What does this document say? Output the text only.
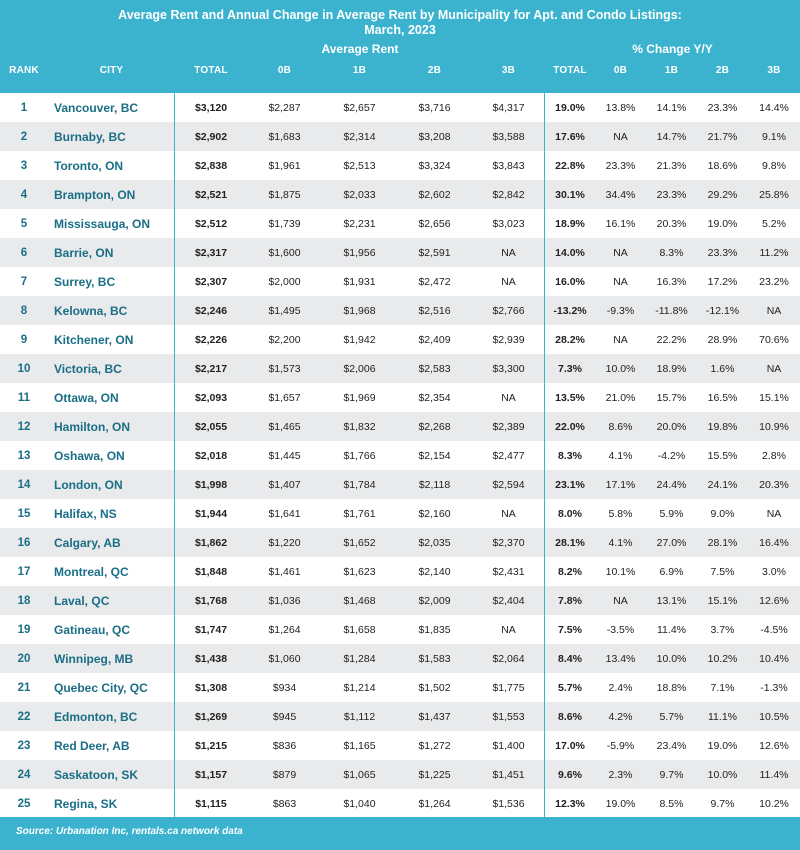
Average Rent and Annual Change in Average Rent by Municipality for Apt. and Condo Listings:
March, 2023
Average Rent	% Change Y/Y
RANK	CITY	TOTAL	0B	1B	2B	3B	TOTAL	0B	1B	2B	3B
1	Vancouver, BC	$3,120	$2,287	$2,657	$3,716	$4,317	19.0%	13.8%	14.1%	23.3%	14.4%
2	Burnaby, BC	$2,902	$1,683	$2,314	$3,208	$3,588	17.6%	NA	14.7%	21.7%	9.1%
3	Toronto, ON	$2,838	$1,961	$2,513	$3,324	$3,843	22.8%	23.3%	21.3%	18.6%	9.8%
4	Brampton, ON	$2,521	$1,875	$2,033	$2,602	$2,842	30.1%	34.4%	23.3%	29.2%	25.8%
5	Mississauga, ON	$2,512	$1,739	$2,231	$2,656	$3,023	18.9%	16.1%	20.3%	19.0%	5.2%
6	Barrie, ON	$2,317	$1,600	$1,956	$2,591	NA	14.0%	NA	8.3%	23.3%	11.2%
7	Surrey, BC	$2,307	$2,000	$1,931	$2,472	NA	16.0%	NA	16.3%	17.2%	23.2%
8	Kelowna, BC	$2,246	$1,495	$1,968	$2,516	$2,766	-13.2%	-9.3%	-11.8%	-12.1%	NA
9	Kitchener, ON	$2,226	$2,200	$1,942	$2,409	$2,939	28.2%	NA	22.2%	28.9%	70.6%
10	Victoria, BC	$2,217	$1,573	$2,006	$2,583	$3,300	7.3%	10.0%	18.9%	1.6%	NA
11	Ottawa, ON	$2,093	$1,657	$1,969	$2,354	NA	13.5%	21.0%	15.7%	16.5%	15.1%
12	Hamilton, ON	$2,055	$1,465	$1,832	$2,268	$2,389	22.0%	8.6%	20.0%	19.8%	10.9%
13	Oshawa, ON	$2,018	$1,445	$1,766	$2,154	$2,477	8.3%	4.1%	-4.2%	15.5%	2.8%
14	London, ON	$1,998	$1,407	$1,784	$2,118	$2,594	23.1%	17.1%	24.4%	24.1%	20.3%
15	Halifax, NS	$1,944	$1,641	$1,761	$2,160	NA	8.0%	5.8%	5.9%	9.0%	NA
16	Calgary, AB	$1,862	$1,220	$1,652	$2,035	$2,370	28.1%	4.1%	27.0%	28.1%	16.4%
17	Montreal, QC	$1,848	$1,461	$1,623	$2,140	$2,431	8.2%	10.1%	6.9%	7.5%	3.0%
18	Laval, QC	$1,768	$1,036	$1,468	$2,009	$2,404	7.8%	NA	13.1%	15.1%	12.6%
19	Gatineau, QC	$1,747	$1,264	$1,658	$1,835	NA	7.5%	-3.5%	11.4%	3.7%	-4.5%
20	Winnipeg, MB	$1,438	$1,060	$1,284	$1,583	$2,064	8.4%	13.4%	10.0%	10.2%	10.4%
21	Quebec City, QC	$1,308	$934	$1,214	$1,502	$1,775	5.7%	2.4%	18.8%	7.1%	-1.3%
22	Edmonton, BC	$1,269	$945	$1,112	$1,437	$1,553	8.6%	4.2%	5.7%	11.1%	10.5%
23	Red Deer, AB	$1,215	$836	$1,165	$1,272	$1,400	17.0%	-5.9%	23.4%	19.0%	12.6%
24	Saskatoon, SK	$1,157	$879	$1,065	$1,225	$1,451	9.6%	2.3%	9.7%	10.0%	11.4%
25	Regina, SK	$1,115	$863	$1,040	$1,264	$1,536	12.3%	19.0%	8.5%	9.7%	10.2%
Source: Urbanation Inc, rentals.ca network data
